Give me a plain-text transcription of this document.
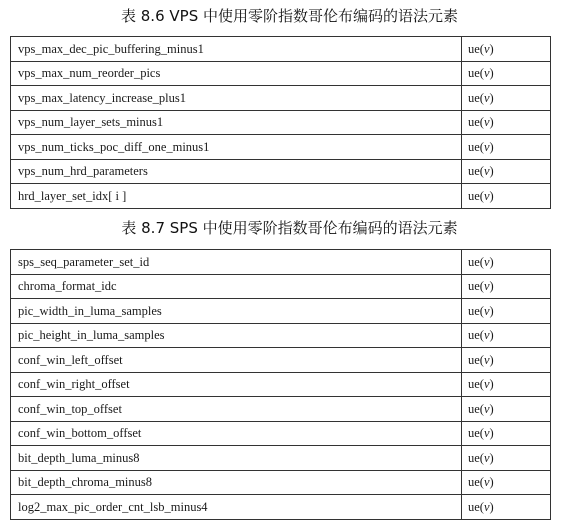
表 8.6 VPS 中使用零阶指数哥伦布编码的语法元素
vps_max_dec_pic_buffering_minus1	ue(v)
vps_max_num_reorder_pics	ue(v)
vps_max_latency_increase_plus1	ue(v)
vps_num_layer_sets_minus1	ue(v)
vps_num_ticks_poc_diff_one_minus1	ue(v)
vps_num_hrd_parameters	ue(v)
hrd_layer_set_idx[ i ]	ue(v)
表 8.7 SPS 中使用零阶指数哥伦布编码的语法元素
sps_seq_parameter_set_id	ue(v)
chroma_format_idc	ue(v)
pic_width_in_luma_samples	ue(v)
pic_height_in_luma_samples	ue(v)
conf_win_left_offset	ue(v)
conf_win_right_offset	ue(v)
conf_win_top_offset	ue(v)
conf_win_bottom_offset	ue(v)
bit_depth_luma_minus8	ue(v)
bit_depth_chroma_minus8	ue(v)
log2_max_pic_order_cnt_lsb_minus4	ue(v)
